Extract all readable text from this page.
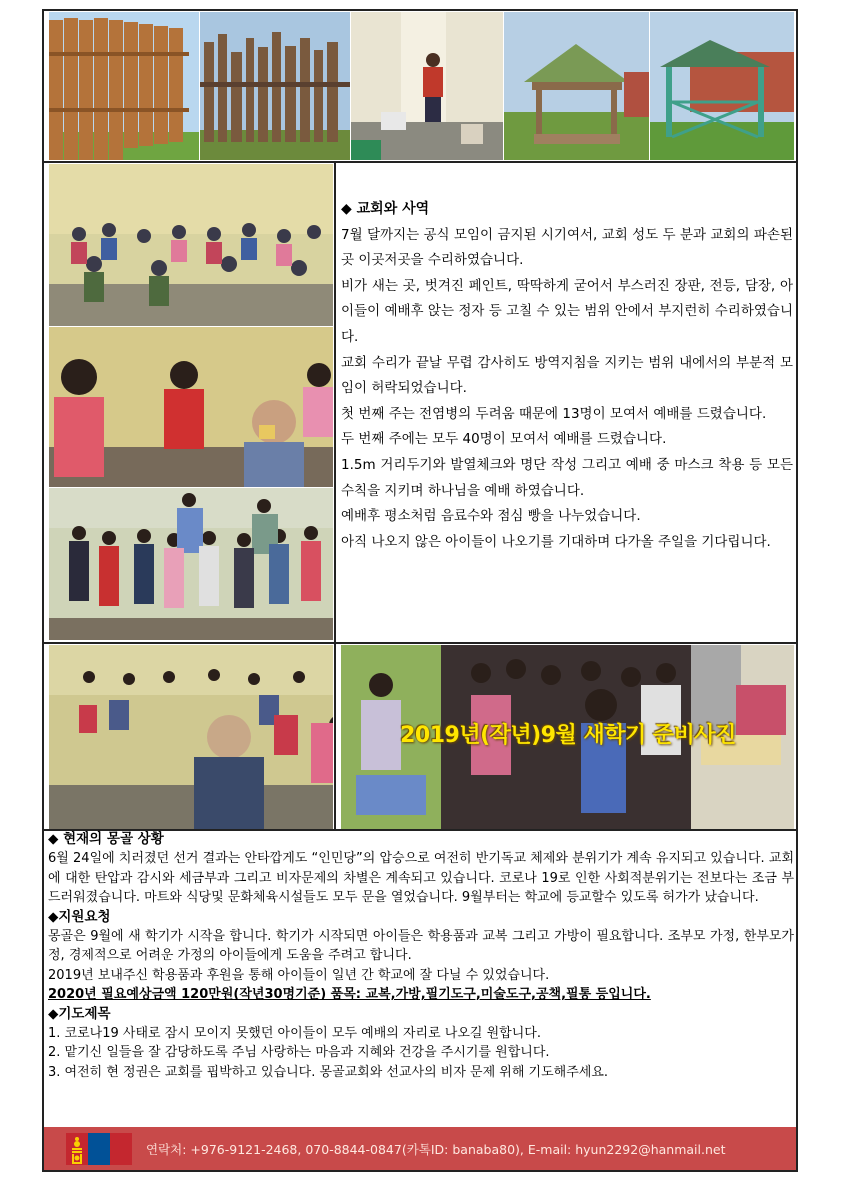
◆ 교회와 사역

7월 달까지는 공식 모임이 금지된 시기여서, 교회 성도 두 분과 교회의 파손된 곳 이곳저곳을 수리하였습니다.

비가 새는 곳, 벗겨진 페인트, 딱딱하게 굳어서 부스러진 장판, 전등, 담장, 아이들이 예배후 앉는 정자 등 고칠 수 있는 범위 안에서 부지런히 수리하였습니다.

교회 수리가 끝날 무렵 감사히도 방역지침을 지키는 범위 내에서의 부분적 모임이 허락되었습니다.

첫 번째 주는 전염병의 두려움 때문에 13명이 모여서 예배를 드렸습니다.

두 번째 주에는 모두 40명이 모여서 예배를 드렸습니다.

1.5m 거리두기와 발열체크와 명단 작성 그리고 예배 중 마스크 착용 등 모든 수칙을 지키며 하나님을 예배 하였습니다.

예배후 평소처럼 음료수와 점심 빵을 나누었습니다.

아직 나오지 않은 아이들이 나오기를 기대하며 다가올 주일을 기다립니다.

2019년(작년)9월 새학기 준비사진

◆ 현재의 몽골 상황

6월 24일에 치러졌던 선거 결과는 안타깝게도 “인민당”의 압승으로 여전히 반기독교 체제와 분위기가 계속 유지되고 있습니다. 교회에 대한 탄압과 감시와 세금부과 그리고 비자문제의 차별은 계속되고 있습니다. 코로나 19로 인한 사회적분위기는 전보다는 조금 부드러워졌습니다. 마트와 식당및 문화체육시설들도 모두 문을 열었습니다. 9월부터는 학교에 등교할수 있도록 허가가 났습니다.

◆지원요청

몽골은 9월에 새 학기가 시작을 합니다. 학기가 시작되면 아이들은 학용품과 교복 그리고 가방이 필요합니다. 조부모 가정, 한부모가정, 경제적으로 어려운 가정의 아이들에게 도움을 주려고 합니다.

2019년 보내주신 학용품과 후원을 통해 아이들이 일년 간 학교에 잘 다닐 수 있었습니다.

2020년 필요예상금액 120만원(작년30명기준) 품목: 교복,가방,필기도구,미술도구,공책,필통 등입니다.

◆기도제목

1. 코로나19 사태로 잠시 모이지 못했던 아이들이 모두 예배의 자리로 나오길 원합니다.

2. 맡기신 일들을 잘 감당하도록 주님 사랑하는 마음과 지혜와 건강을 주시기를 원합니다.

3. 여전히 현 정권은 교회를 핍박하고 있습니다. 몽골교회와 선교사의 비자 문제 위해 기도해주세요.

연락처: +976-9121-2468, 070-8844-0847(카톡ID: banaba80), E-mail: hyun2292@hanmail.net
